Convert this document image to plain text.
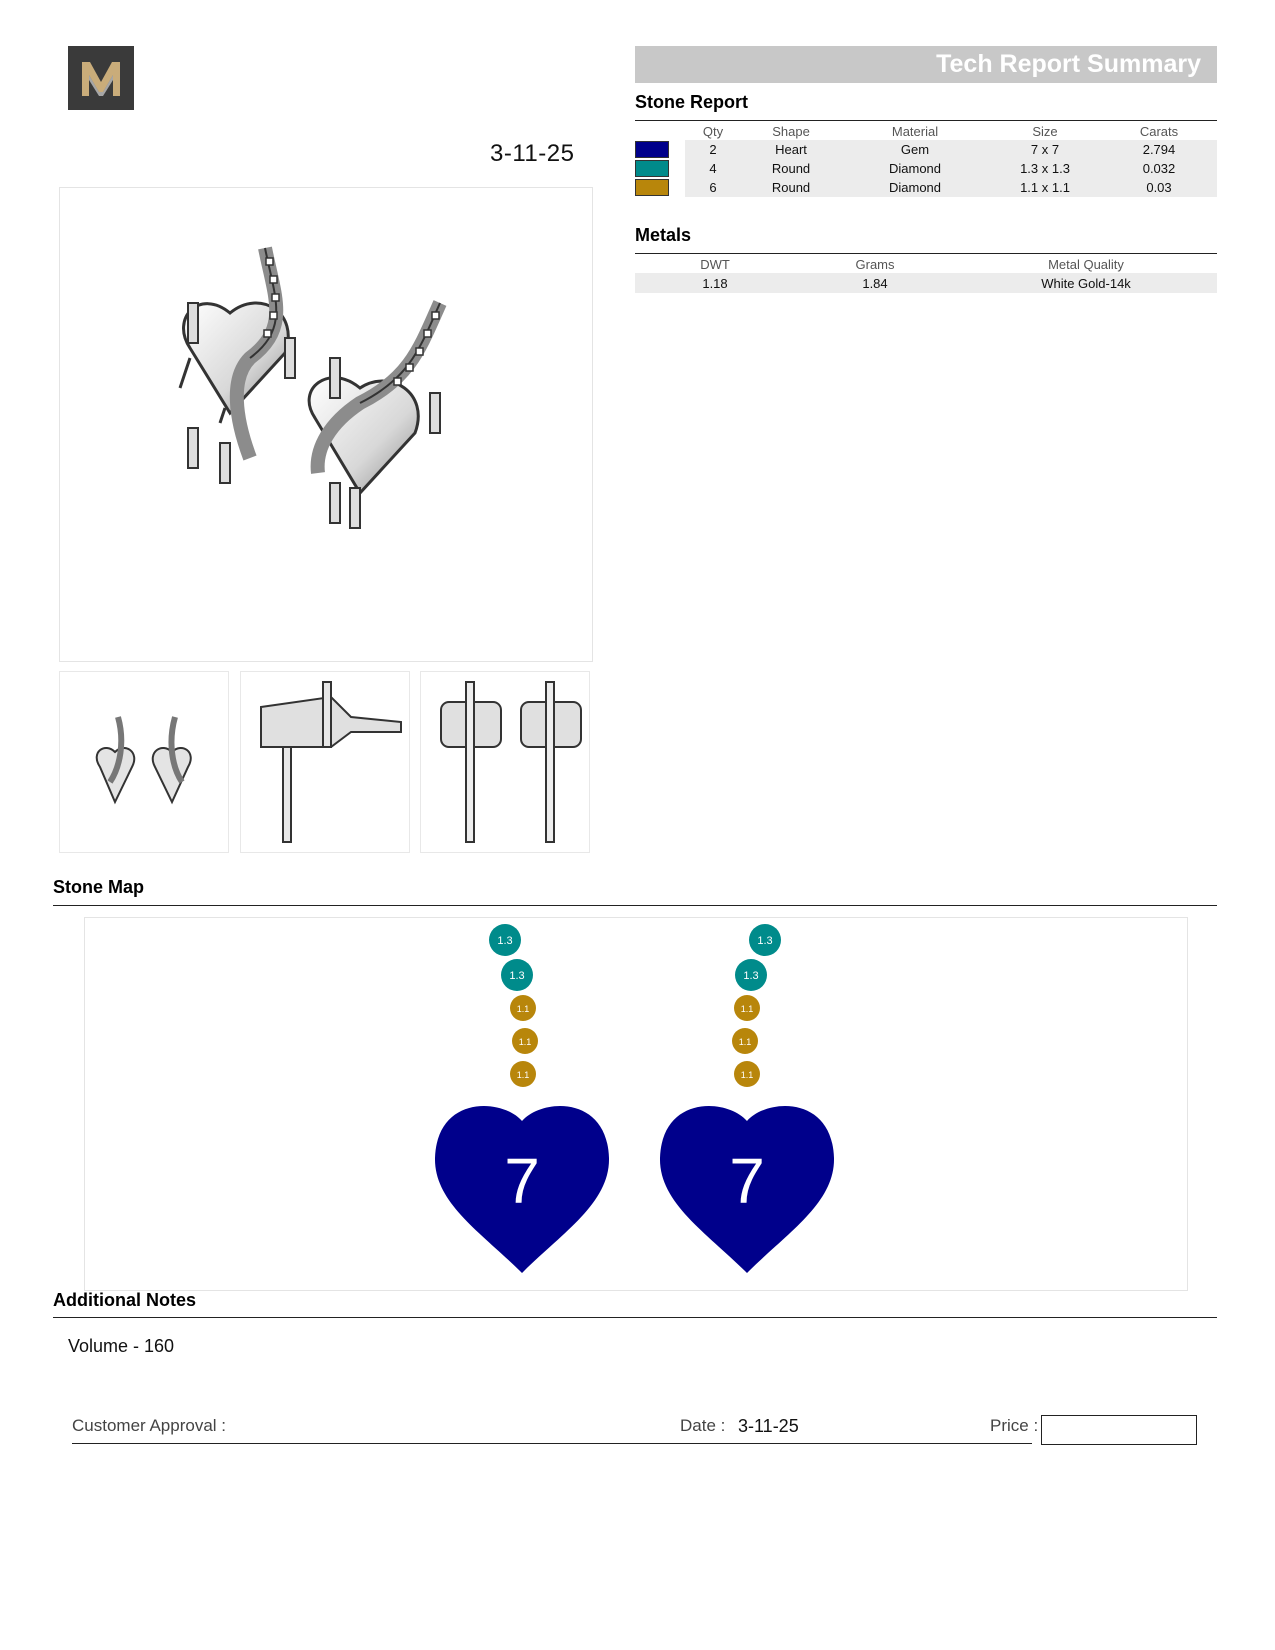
3-11-25
Tech Report Summary
Stone Report
	Qty	Shape	Material	Size	Carats

	2	Heart	Gem	7 x 7	2.794

	4	Round	Diamond	1.3 x 1.3	0.032

	6	Round	Diamond	1.1 x 1.1	0.03
Metals
DWT	Grams	Metal Quality
1.18	1.84	White Gold-14k
Stone Map
1.3
1.3
1.1
1.1
1.1
7
1.3
1.3
1.1
1.1
1.1
7
Additional Notes
Volume - 160
Customer Approval :	Date : 3-11-25	Price :
